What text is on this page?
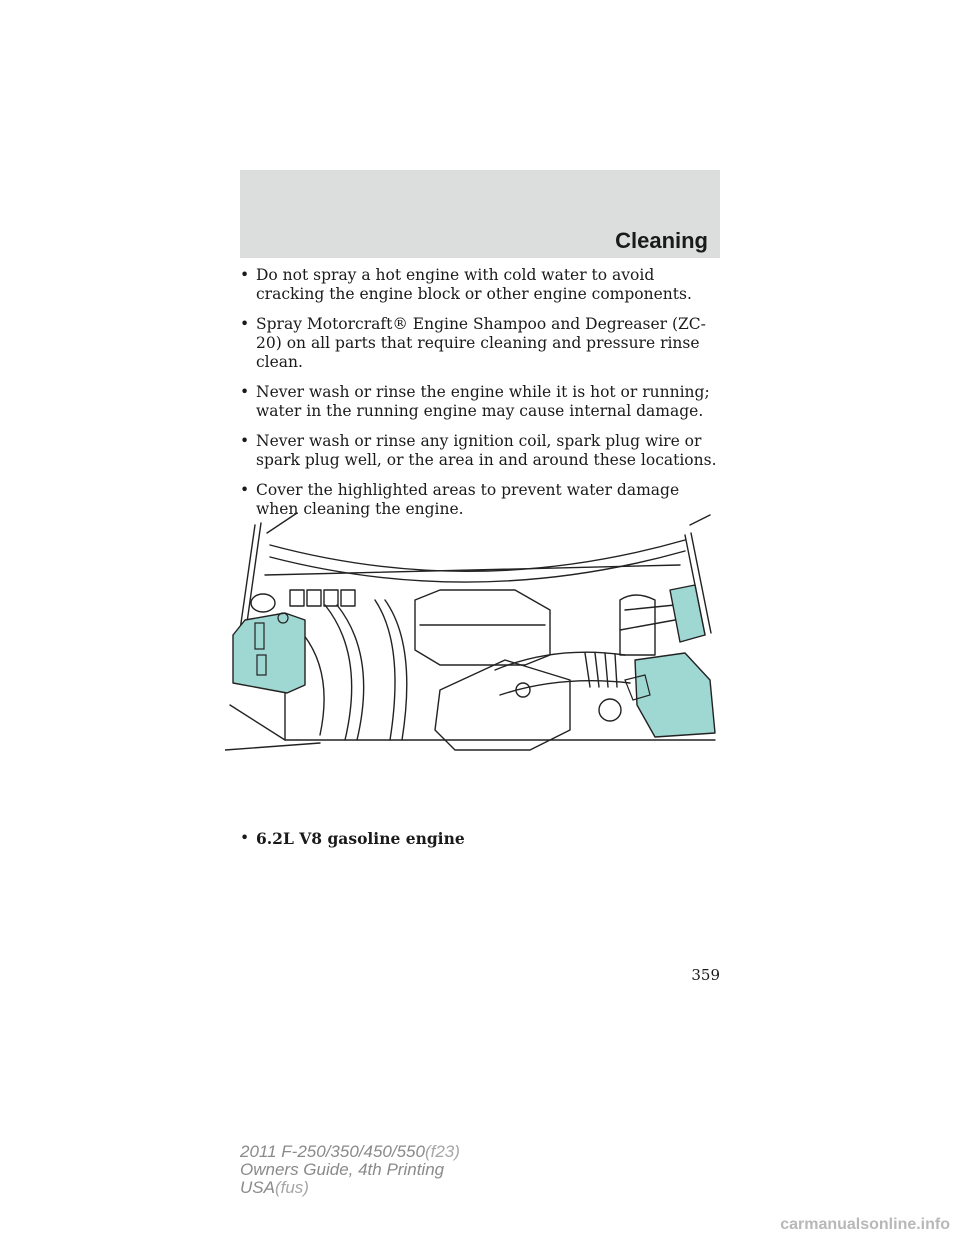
Cleaning
• Do not spray a hot engine with cold water to avoid cracking the engine block or other engine components.
• Spray Motorcraft® Engine Shampoo and Degreaser (ZC-20) on all parts that require cleaning and pressure rinse clean.
• Never wash or rinse the engine while it is hot or running; water in the running engine may cause internal damage.
• Never wash or rinse any ignition coil, spark plug wire or spark plug well, or the area in and around these locations.
• Cover the highlighted areas to prevent water damage when cleaning the engine.
• 6.2L V8 gasoline engine
359
2011 F-250/350/450/550(f23)
Owners Guide, 4th Printing
USA(fus)
carmanualsonline.info
